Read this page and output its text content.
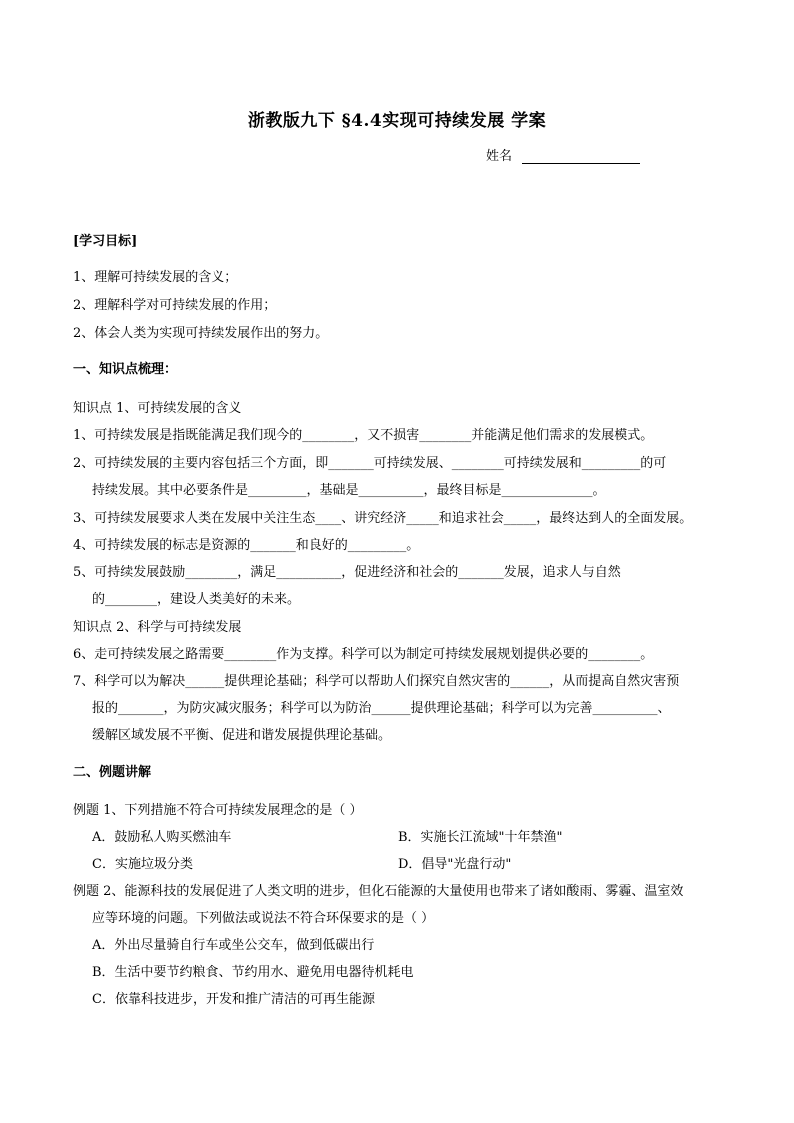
浙教版九下 §4.4实现可持续发展 学案
姓名
[学习目标]
1、理解可持续发展的含义；
2、理解科学对可持续发展的作用；
2、体会人类为实现可持续发展作出的努力。
一、知识点梳理：
知识点 1、可持续发展的含义
1、可持续发展是指既能满足我们现今的________，又不损害________并能满足他们需求的发展模式。
2、可持续发展的主要内容包括三个方面，即_______可持续发展、________可持续发展和_________的可
持续发展。其中必要条件是_________，基础是__________，最终目标是______________。
3、可持续发展要求人类在发展中关注生态____、讲究经济_____和追求社会_____，最终达到人的全面发展。
4、可持续发展的标志是资源的_______和良好的_________。
5、可持续发展鼓励________，满足__________，促进经济和社会的_______发展，追求人与自然
的________，建设人类美好的未来。
知识点 2、科学与可持续发展
6、走可持续发展之路需要________作为支撑。科学可以为制定可持续发展规划提供必要的________。
7、科学可以为解决______提供理论基础；科学可以帮助人们探究自然灾害的______，从而提高自然灾害预
报的_______，为防灾减灾服务；科学可以为防治______提供理论基础；科学可以为完善__________、
缓解区域发展不平衡、促进和谐发展提供理论基础。
二、例题讲解
例题 1、下列措施不符合可持续发展理念的是（ ）
A．鼓励私人购买燃油车	B．实施长江流域"十年禁渔"
C．实施垃圾分类	D．倡导"光盘行动"
例题 2、能源科技的发展促进了人类文明的进步，但化石能源的大量使用也带来了诸如酸雨、雾霾、温室效
应等环境的问题。下列做法或说法不符合环保要求的是（ ）
A．外出尽量骑自行车或坐公交车，做到低碳出行
B．生活中要节约粮食、节约用水、避免用电器待机耗电
C．依靠科技进步，开发和推广清洁的可再生能源
